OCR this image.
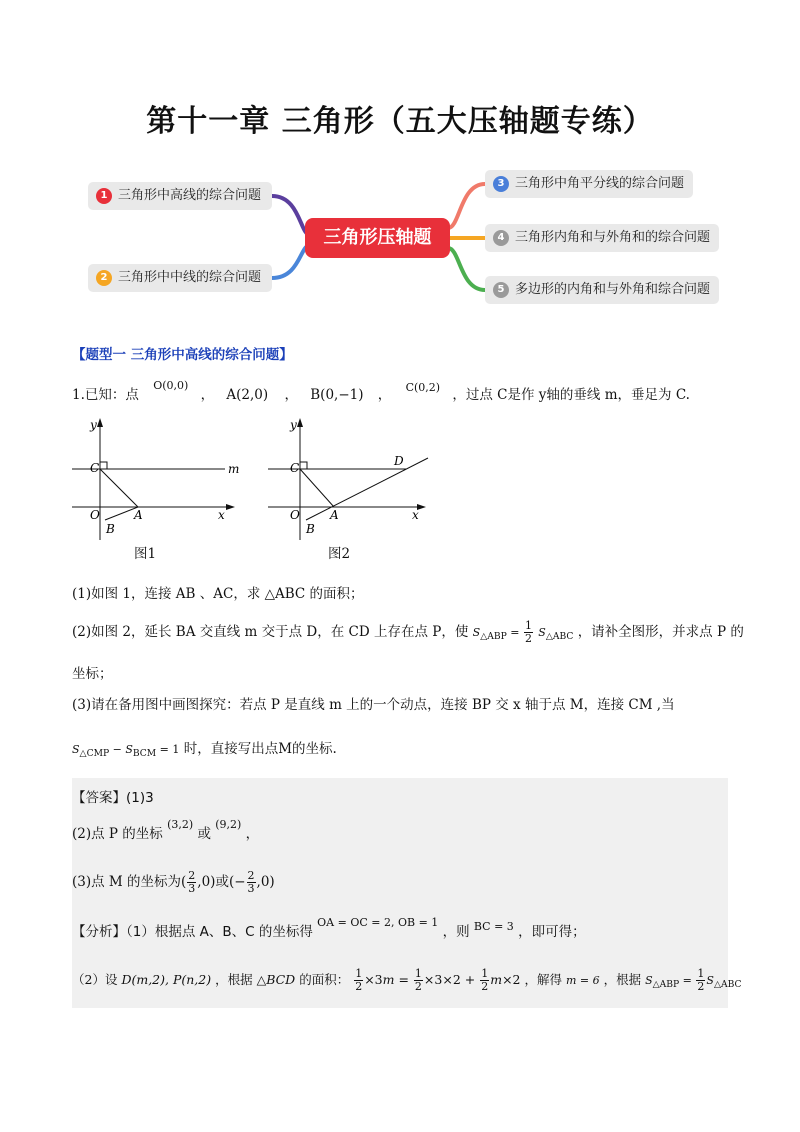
第十一章 三角形（五大压轴题专练）
1 三角形中高线的综合问题
2 三角形中中线的综合问题
三角形压轴题
3 三角形中角平分线的综合问题
4 三角形内角和与外角和的综合问题
5 多边形的内角和与外角和综合问题
【题型一 三角形中高线的综合问题】
1.已知：点 $^{O(0,0)}$ ， A(2,0) ， B(0,−1) ， $^{C(0,2)}$ ，过点 C是作 y轴的垂线 m，垂足为 C.
y
C	m
O	A	x
B
图1
y
C	D
O	A	x
B
图2
(1)如图 1，连接 AB 、AC，求 △ABC 的面积；
(2)如图 2，延长 BA 交直线 m 交于点 D，在 CD 上存在点 P，使 $S_{\triangle ABP} = \frac{1}{2} S_{\triangle ABC}$ ，请补全图形，并求点 P 的
坐标；
(3)请在备用图中画图探究：若点 P 是直线 m 上的一个动点，连接 BP 交 x 轴于点 M，连接 CM ,当
$S_{\triangle CMP} - S_{BCM} = 1$ 时，直接写出点M的坐标.
【答案】(1)3
(2)点 P 的坐标 $^{(3,2)}$ 或 $^{(9,2)}$ ，
(3)点 M 的坐标为( $\frac{2}{3} ,0$)或(− $\frac{2}{3} ,0$)
【分析】（1）根据点 A、B、C 的坐标得 $^{OA = OC = 2, OB = 1}$ ，则 $^{BC = 3}$ ，即可得；
（2）设 D(m,2), P(n,2) ，根据 △BCD 的面积： $\frac{1}{2} \times 3m = \frac{1}{2} \times 3\times 2 + \frac{1}{2} m\times 2$ ，解得 m = 6 ，根据 $S_{\triangle ABP} = \frac{1}{2} S_{\triangle ABC}$
